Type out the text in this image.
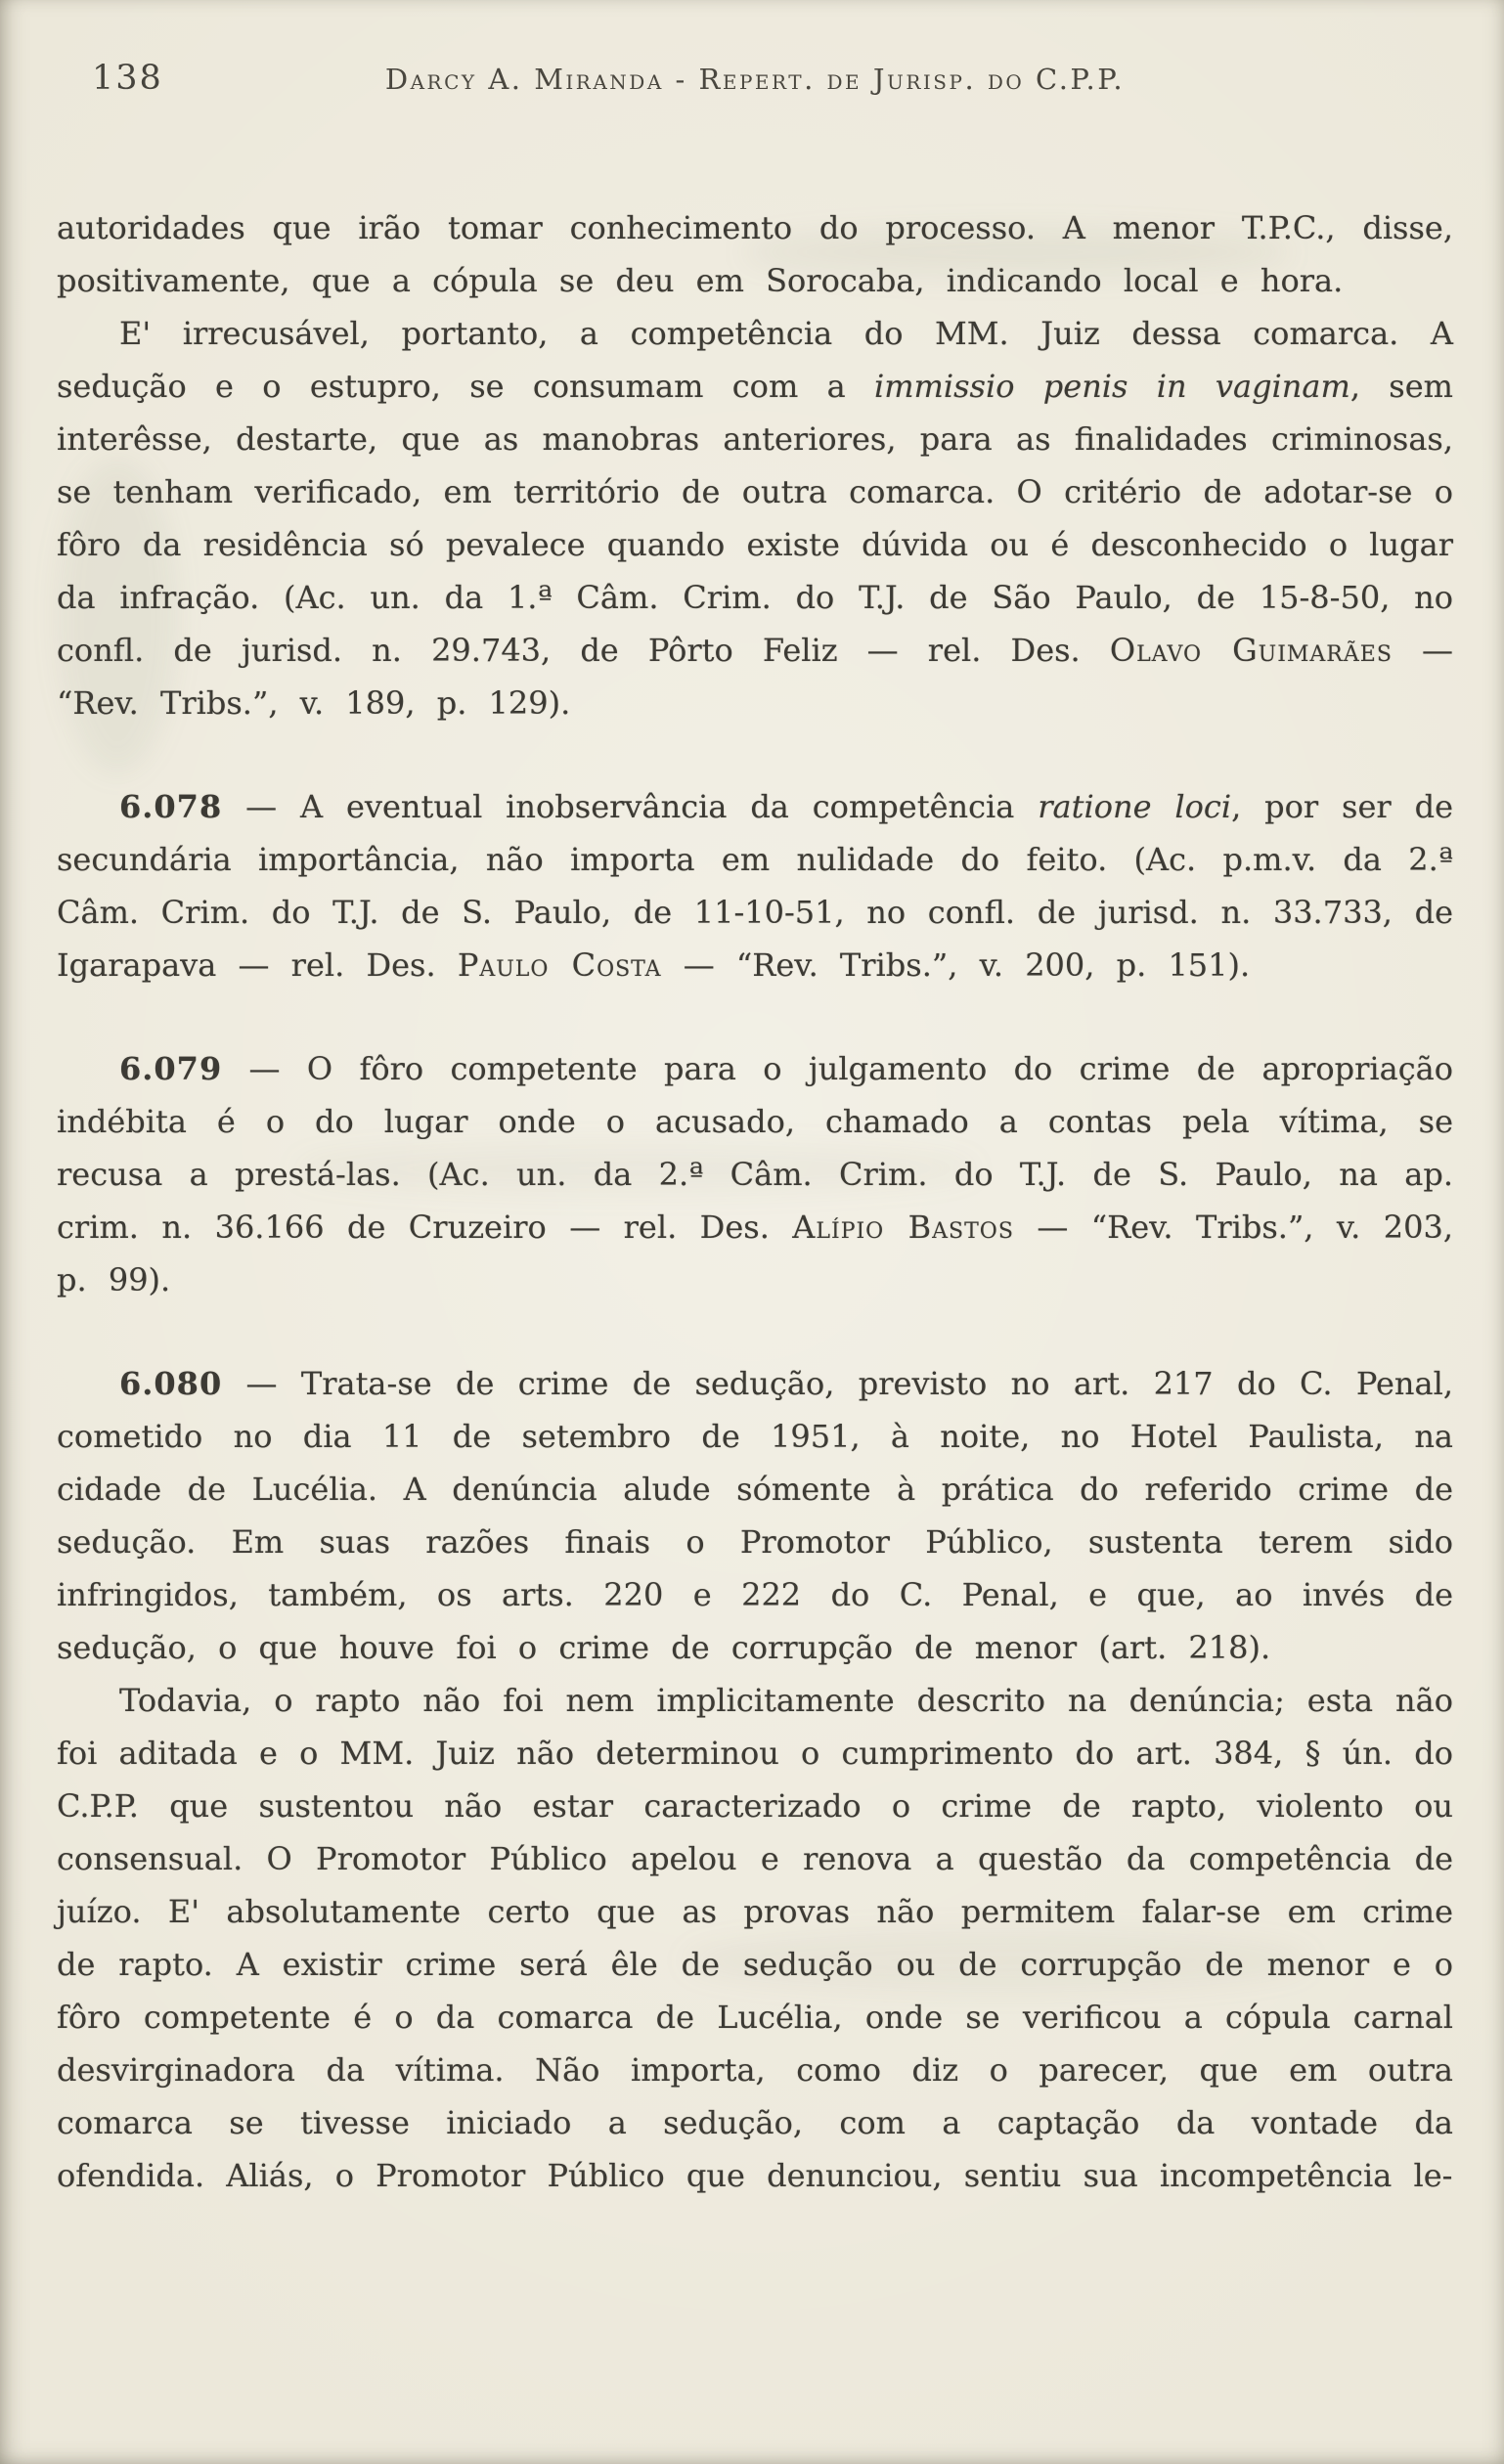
138	Darcy A. Miranda - Repert. de Jurisp. do C.P.P.

autoridades que irão tomar conhecimento do processo. A menor T.P.C., disse, positivamente, que a cópula se deu em Sorocaba, indicando local e hora.

E' irrecusável, portanto, a competência do MM. Juiz dessa comarca. A sedução e o estupro, se consumam com a immissio penis in vaginam, sem interêsse, destarte, que as manobras anteriores, para as finalidades criminosas, se tenham verificado, em território de outra comarca. O critério de adotar-se o fôro da residência só pevalece quando existe dúvida ou é desconhecido o lugar da infração. (Ac. un. da 1.ª Câm. Crim. do T.J. de São Paulo, de 15-8-50, no confl. de jurisd. n. 29.743, de Pôrto Feliz — rel. Des. Olavo Guimarães — “Rev. Tribs.”, v. 189, p. 129).

6.078 — A eventual inobservância da competência ratione loci, por ser de secundária importância, não importa em nulidade do feito. (Ac. p.m.v. da 2.ª Câm. Crim. do T.J. de S. Paulo, de 11-10-51, no confl. de jurisd. n. 33.733, de Igarapava — rel. Des. Paulo Costa — “Rev. Tribs.”, v. 200, p. 151).

6.079 — O fôro competente para o julgamento do crime de apropriação indébita é o do lugar onde o acusado, chamado a contas pela vítima, se recusa a prestá-las. (Ac. un. da 2.ª Câm. Crim. do T.J. de S. Paulo, na ap. crim. n. 36.166 de Cruzeiro — rel. Des. Alípio Bastos — “Rev. Tribs.”, v. 203, p. 99).

6.080 — Trata-se de crime de sedução, previsto no art. 217 do C. Penal, cometido no dia 11 de setembro de 1951, à noite, no Hotel Paulista, na cidade de Lucélia. A denúncia alude sómente à prática do referido crime de sedução. Em suas razões finais o Promotor Público, sustenta terem sido infringidos, também, os arts. 220 e 222 do C. Penal, e que, ao invés de sedução, o que houve foi o crime de corrupção de menor (art. 218).

Todavia, o rapto não foi nem implicitamente descrito na denúncia; esta não foi aditada e o MM. Juiz não determinou o cumprimento do art. 384, § ún. do C.P.P. que sustentou não estar caracterizado o crime de rapto, violento ou consensual. O Promotor Público apelou e renova a questão da competência de juízo. E' absolutamente certo que as provas não permitem falar-se em crime de rapto. A existir crime será êle de sedução ou de corrupção de menor e o fôro competente é o da comarca de Lucélia, onde se verificou a cópula carnal desvirginadora da vítima. Não importa, como diz o parecer, que em outra comarca se tivesse iniciado a sedução, com a captação da vontade da ofendida. Aliás, o Promotor Público que denunciou, sentiu sua incompetência le-
